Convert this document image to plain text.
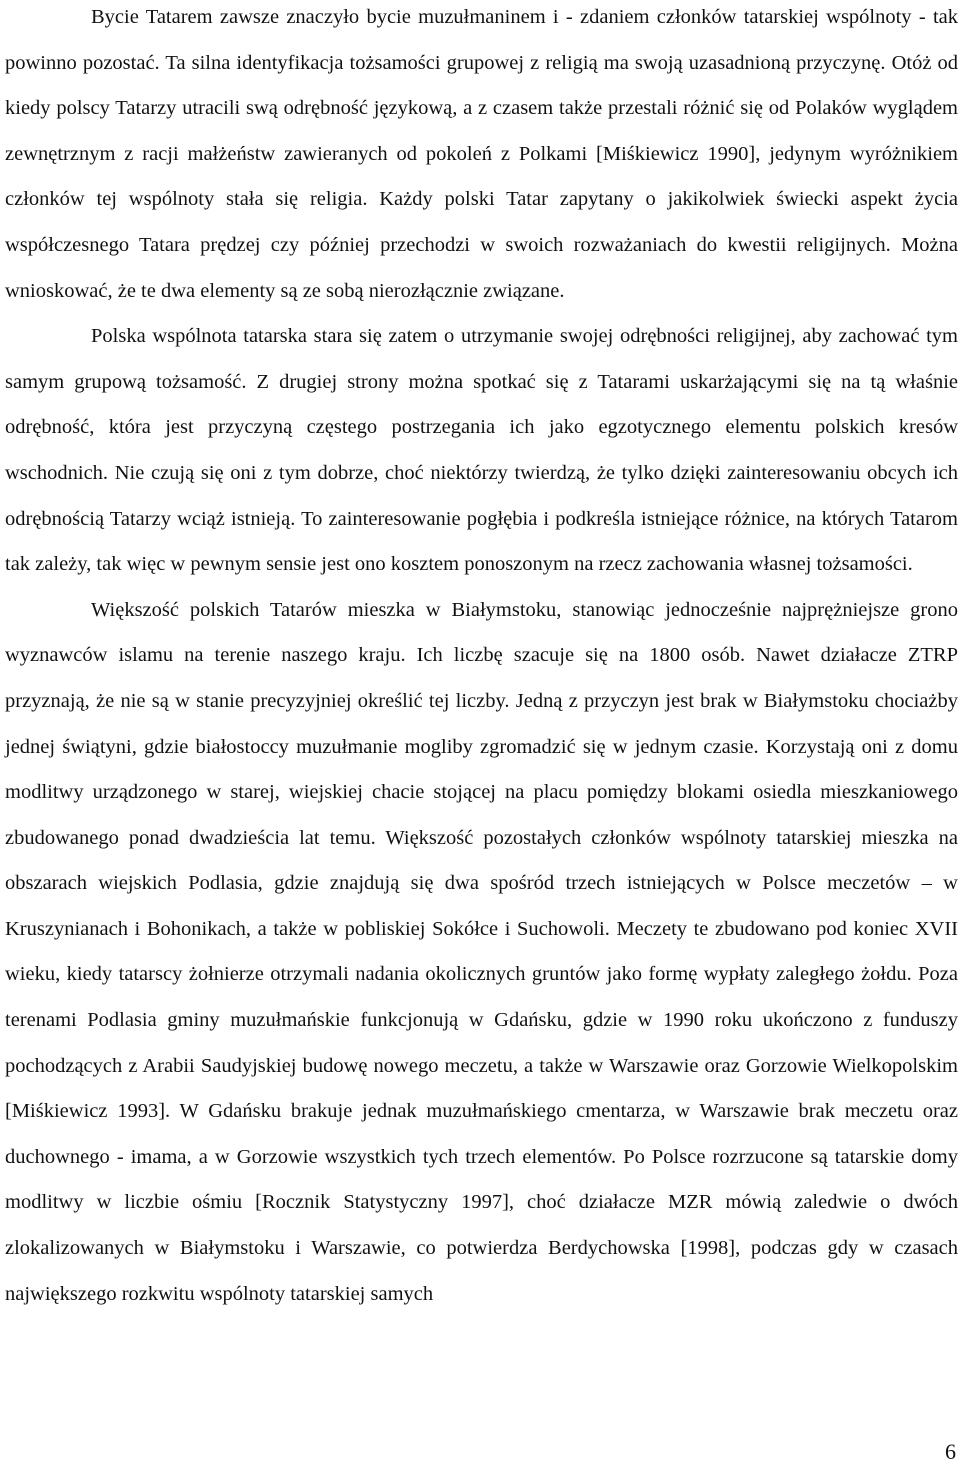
Bycie Tatarem zawsze znaczyło bycie muzułmaninem i - zdaniem członków tatarskiej wspólnoty - tak powinno pozostać. Ta silna identyfikacja tożsamości grupowej z religią ma swoją uzasadnioną przyczynę. Otóż od kiedy polscy Tatarzy utracili swą odrębność językową, a z czasem także przestali różnić się od Polaków wyglądem zewnętrznym z racji małżeństw zawieranych od pokoleń z Polkami [Miśkiewicz 1990], jedynym wyróżnikiem członków tej wspólnoty stała się religia. Każdy polski Tatar zapytany o jakikolwiek świecki aspekt życia współczesnego Tatara prędzej czy później przechodzi w swoich rozważaniach do kwestii religijnych. Można wnioskować, że te dwa elementy są ze sobą nierozłącznie związane.

Polska wspólnota tatarska stara się zatem o utrzymanie swojej odrębności religijnej, aby zachować tym samym grupową tożsamość. Z drugiej strony można spotkać się z Tatarami uskarżającymi się na tą właśnie odrębność, która jest przyczyną częstego postrzegania ich jako egzotycznego elementu polskich kresów wschodnich. Nie czują się oni z tym dobrze, choć niektórzy twierdzą, że tylko dzięki zainteresowaniu obcych ich odrębnością Tatarzy wciąż istnieją. To zainteresowanie pogłębia i podkreśla istniejące różnice, na których Tatarom tak zależy, tak więc w pewnym sensie jest ono kosztem ponoszonym na rzecz zachowania własnej tożsamości.

Większość polskich Tatarów mieszka w Białymstoku, stanowiąc jednocześnie najprężniejsze grono wyznawców islamu na terenie naszego kraju. Ich liczbę szacuje się na 1800 osób. Nawet działacze ZTRP przyznają, że nie są w stanie precyzyjniej określić tej liczby. Jedną z przyczyn jest brak w Białymstoku chociażby jednej świątyni, gdzie białostoccy muzułmanie mogliby zgromadzić się w jednym czasie. Korzystają oni z domu modlitwy urządzonego w starej, wiejskiej chacie stojącej na placu pomiędzy blokami osiedla mieszkaniowego zbudowanego ponad dwadzieścia lat temu. Większość pozostałych członków wspólnoty tatarskiej mieszka na obszarach wiejskich Podlasia, gdzie znajdują się dwa spośród trzech istniejących w Polsce meczetów – w Kruszynianach i Bohonikach, a także w pobliskiej Sokółce i Suchowoli. Meczety te zbudowano pod koniec XVII wieku, kiedy tatarscy żołnierze otrzymali nadania okolicznych gruntów jako formę wypłaty zaległego żołdu. Poza terenami Podlasia gminy muzułmańskie funkcjonują w Gdańsku, gdzie w 1990 roku ukończono z funduszy pochodzących z Arabii Saudyjskiej budowę nowego meczetu, a także w Warszawie oraz Gorzowie Wielkopolskim [Miśkiewicz 1993]. W Gdańsku brakuje jednak muzułmańskiego cmentarza, w Warszawie brak meczetu oraz duchownego - imama, a w Gorzowie wszystkich tych trzech elementów. Po Polsce rozrzucone są tatarskie domy modlitwy w liczbie ośmiu [Rocznik Statystyczny 1997], choć działacze MZR mówią zaledwie o dwóch zlokalizowanych w Białymstoku i Warszawie, co potwierdza Berdychowska [1998], podczas gdy w czasach największego rozkwitu wspólnoty tatarskiej samych

6
